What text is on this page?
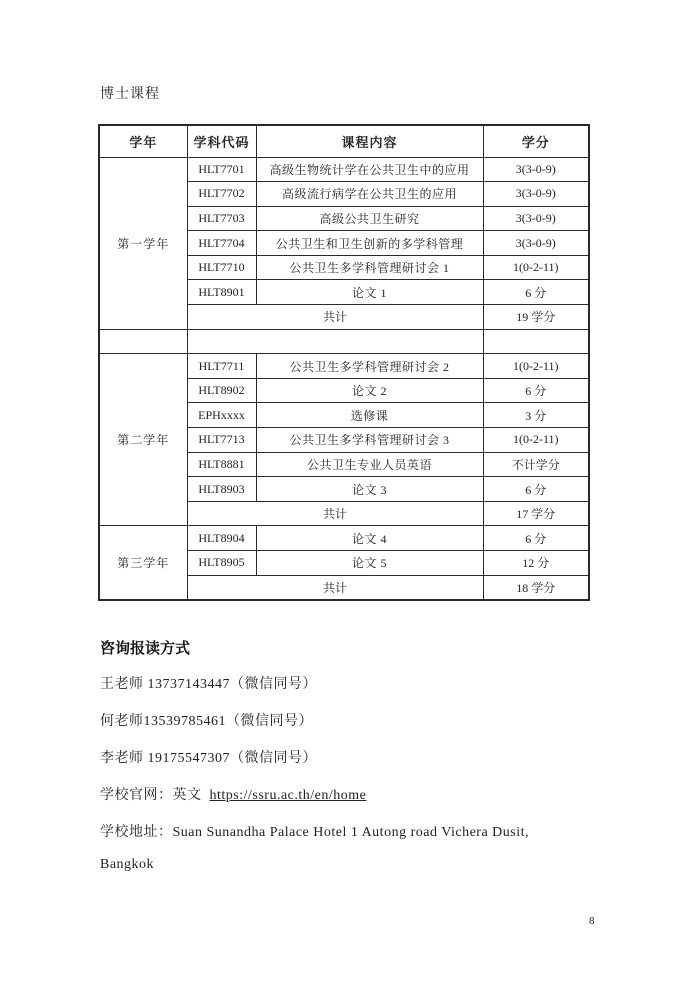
博士课程
学年	学科代码	课程内容	学分
第一学年	HLT7701	高级生物统计学在公共卫生中的应用	3(3-0-9)
	HLT7702	高级流行病学在公共卫生的应用	3(3-0-9)
	HLT7703	高级公共卫生研究	3(3-0-9)
	HLT7704	公共卫生和卫生创新的多学科管理	3(3-0-9)
	HLT7710	公共卫生多学科管理研讨会 1	1(0-2-11)
	HLT8901	论文 1	6 分
	共计		19 学分

第二学年	HLT7711	公共卫生多学科管理研讨会 2	1(0-2-11)
	HLT8902	论文 2	6 分
	EPHxxxx	选修课	3 分
	HLT7713	公共卫生多学科管理研讨会 3	1(0-2-11)
	HLT8881	公共卫生专业人员英语	不计学分
	HLT8903	论文 3	6 分
	共计		17 学分
第三学年	HLT8904	论文 4	6 分
	HLT8905	论文 5	12 分
	共计		18 学分
咨询报读方式
王老师 13737143447（微信同号）
何老师13539785461（微信同号）
李老师 19175547307（微信同号）
学校官网：英文 https://ssru.ac.th/en/home
学校地址：Suan Sunandha Palace Hotel 1 Autong road Vichera Dusit,
Bangkok
8
